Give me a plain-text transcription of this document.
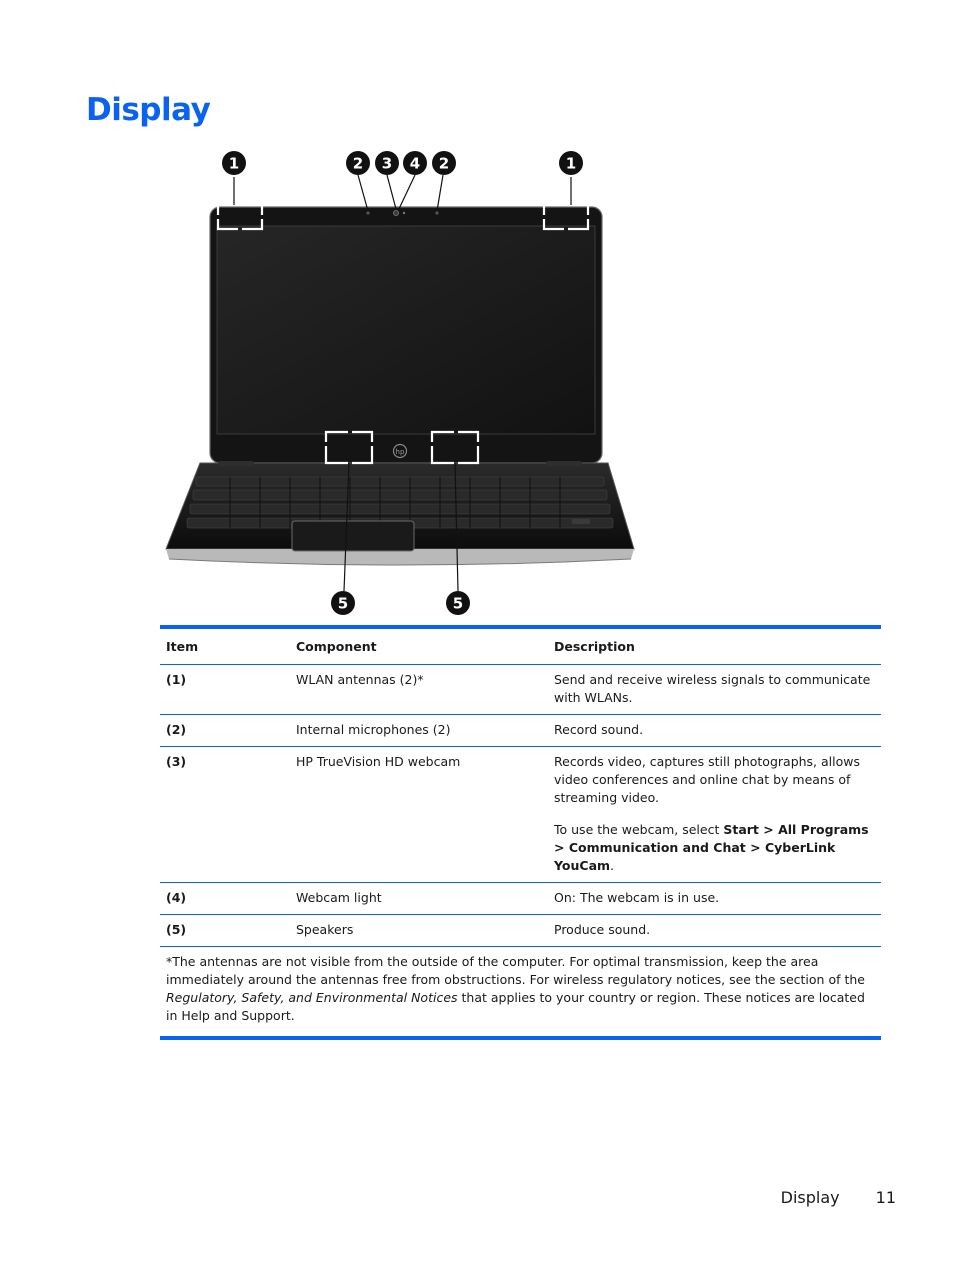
Display
hp
1	2 3 4 2	1
5	5
Item	Component	Description
(1)	WLAN antennas (2)*	Send and receive wireless signals to communicate with WLANs.
(2)	Internal microphones (2)	Record sound.
(3)	HP TrueVision HD webcam	Records video, captures still photographs, allows video conferences and online chat by means of streaming video.

To use the webcam, select Start > All Programs > Communication and Chat > CyberLink YouCam.

(4)	Webcam light	On: The webcam is in use.
(5)	Speakers	Produce sound.
*The antennas are not visible from the outside of the computer. For optimal transmission, keep the area immediately around the antennas free from obstructions. For wireless regulatory notices, see the section of the Regulatory, Safety, and Environmental Notices that applies to your country or region. These notices are located in Help and Support.		
Display 11
